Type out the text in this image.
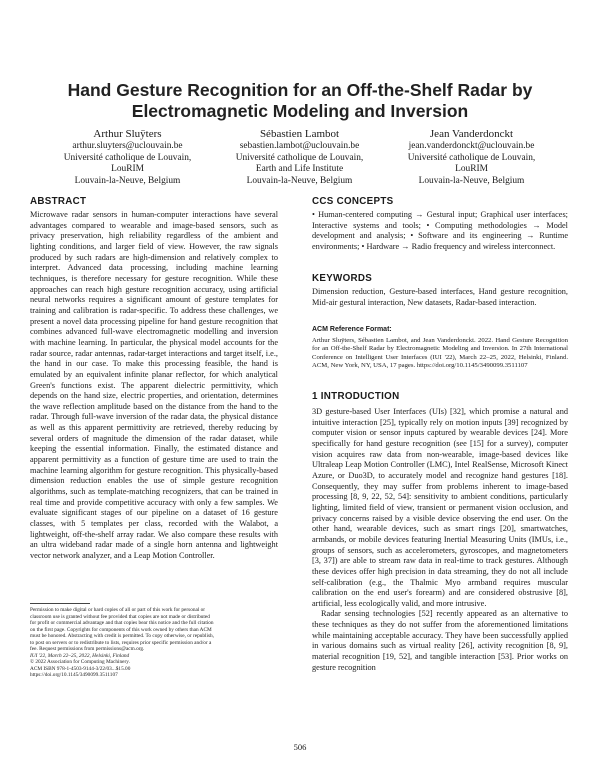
Hand Gesture Recognition for an Off-the-Shelf Radar by
Electromagnetic Modeling and Inversion
Arthur Sluÿters
arthur.sluyters@uclouvain.be
Université catholique de Louvain,
LouRIM
Louvain-la-Neuve, Belgium
Sébastien Lambot
sebastien.lambot@uclouvain.be
Université catholique de Louvain,
Earth and Life Institute
Louvain-la-Neuve, Belgium
Jean Vanderdonckt
jean.vanderdonckt@uclouvain.be
Université catholique de Louvain,
LouRIM
Louvain-la-Neuve, Belgium
ABSTRACT

Microwave radar sensors in human-computer interactions have several advantages compared to wearable and image-based sensors, such as privacy preservation, high reliability regardless of the ambient and lighting conditions, and larger field of view. However, the raw signals produced by such radars are high-dimension and relatively complex to interpret. Advanced data processing, including machine learning techniques, is therefore necessary for gesture recognition. While these approaches can reach high gesture recognition accuracy, using artificial neural networks requires a significant amount of gesture templates for training and calibration is radar-specific. To address these challenges, we present a novel data processing pipeline for hand gesture recognition that combines advanced full-wave electromagnetic modelling and inversion with machine learning. In particular, the physical model accounts for the radar source, radar antennas, radar-target interactions and target itself, i.e., the hand in our case. To make this processing feasible, the hand is emulated by an equivalent infinite planar reflector, for which analytical Green's functions exist. The apparent dielectric permittivity, which depends on the hand size, electric properties, and orientation, determines the wave reflection amplitude based on the distance from the hand to the radar. Through full-wave inversion of the radar data, the physical distance as well as this apparent permittivity are retrieved, thereby reducing by several orders of magnitude the dimension of the radar dataset, while keeping the essential information. Finally, the estimated distance and apparent permittivity as a function of gesture time are used to train the machine learning algorithm for gesture recognition. This physically-based dimension reduction enables the use of simple gesture recognition algorithms, such as template-matching recognizers, that can be trained in real time and provide competitive accuracy with only a few samples. We evaluate significant stages of our pipeline on a dataset of 16 gesture classes, with 5 templates per class, recorded with the Walabot, a lightweight, off-the-shelf array radar. We also compare these results with an ultra wideband radar made of a single horn antenna and lightweight vector network analyzer, and a Leap Motion Controller.

Permission to make digital or hard copies of all or part of this work for personal or
classroom use is granted without fee provided that copies are not made or distributed
for profit or commercial advantage and that copies bear this notice and the full citation
on the first page. Copyrights for components of this work owned by others than ACM
must be honored. Abstracting with credit is permitted. To copy otherwise, or republish,
to post on servers or to redistribute to lists, requires prior specific permission and/or a
fee. Request permissions from permissions@acm.org.
IUI '22, March 22–25, 2022, Helsinki, Finland
© 2022 Association for Computing Machinery.
ACM ISBN 978-1-4503-9144-3/22/03...$15.00
https://doi.org/10.1145/3490099.3511107
CCS CONCEPTS
• Human-centered computing → Gestural input; Graphical user interfaces; Interactive systems and tools; • Computing methodologies → Model development and analysis; • Software and its engineering → Runtime environments; • Hardware → Radio frequency and wireless interconnect.
KEYWORDS
Dimension reduction, Gesture-based interfaces, Hand gesture recognition, Mid-air gestural interaction, New datasets, Radar-based interaction.
ACM Reference Format:
Arthur Sluÿters, Sébastien Lambot, and Jean Vanderdonckt. 2022. Hand Gesture Recognition for an Off-the-Shelf Radar by Electromagnetic Modeling and Inversion. In 27th International Conference on Intelligent User Interfaces (IUI '22), March 22–25, 2022, Helsinki, Finland. ACM, New York, NY, USA, 17 pages. https://doi.org/10.1145/3490099.3511107
1 INTRODUCTION

3D gesture-based User Interfaces (UIs) [32], which promise a natural and intuitive interaction [25], typically rely on motion inputs [39] recognized by computer vision or sensor inputs captured by wearable devices [24]. More specifically for hand gesture recognition (see [15] for a survey), computer vision acquires raw data from non-wearable, image-based devices like Ultraleap Leap Motion Controller (LMC), Intel RealSense, Microsoft Kinect Azure, or Duo3D, to accurately model and recognize hand gestures [18]. Consequently, they may suffer from problems inherent to image-based processing [8, 9, 22, 52, 54]: sensitivity to ambient conditions, particularly lighting, limited field of view, transient or permanent vision occlusion, and privacy concerns raised by a visible device observing the end user. On the other hand, wearable devices, such as smart rings [20], smartwatches, armbands, or mobile devices featuring Inertial Measuring Units (IMUs, i.e., groups of sensors, such as accelerometers, gyroscopes, and magnetometers [3, 37]) are able to stream raw data in real-time to track gestures. Although these devices offer high precision in data streaming, they do not all include self-calibration (e.g., the Thalmic Myo armband requires muscular calibration on the end user's forearm) and are considered obstrusive [8], artificial, less ecologically valid, and more intrusive.

Radar sensing technologies [52] recently appeared as an alternative to these techniques as they do not suffer from the aforementioned limitations while maintaining acceptable accuracy. They have been successfully applied in various domains such as virtual reality [26], activity recognition [8, 9], material recognition [19, 52], and tangible interaction [53]. Prior works on gesture recognition

506
